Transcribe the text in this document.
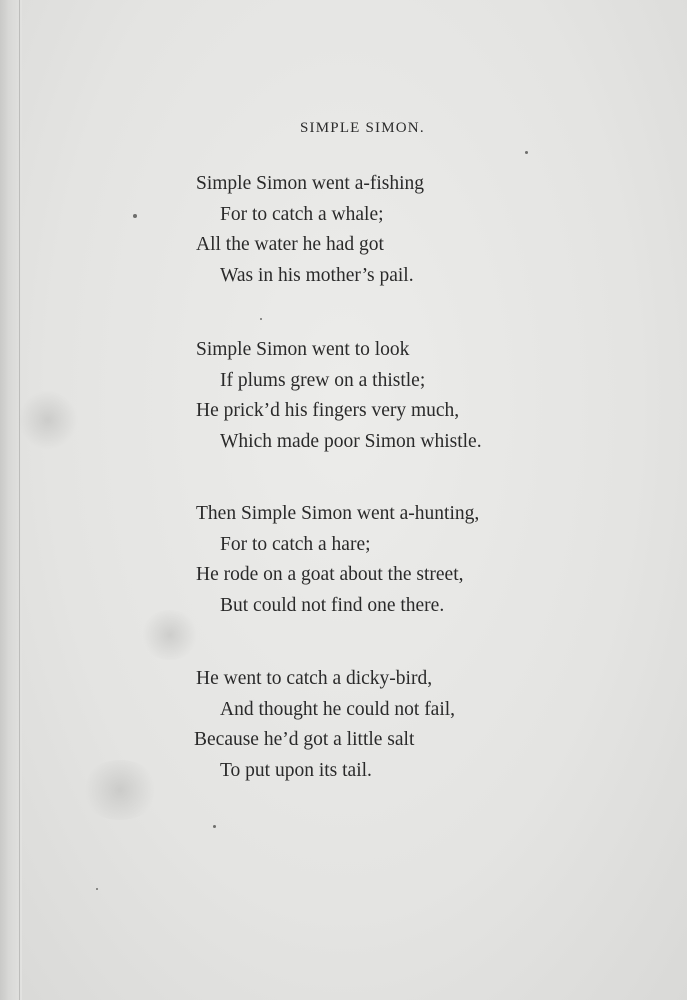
SIMPLE SIMON.
Simple Simon went a-fishing
For to catch a whale;
All the water he had got
Was in his mother’s pail.
Simple Simon went to look
If plums grew on a thistle;
He prick’d his fingers very much,
Which made poor Simon whistle.
Then Simple Simon went a-hunting,
For to catch a hare;
He rode on a goat about the street,
But could not find one there.
He went to catch a dicky-bird,
And thought he could not fail,
Because he’d got a little salt
To put upon its tail.
